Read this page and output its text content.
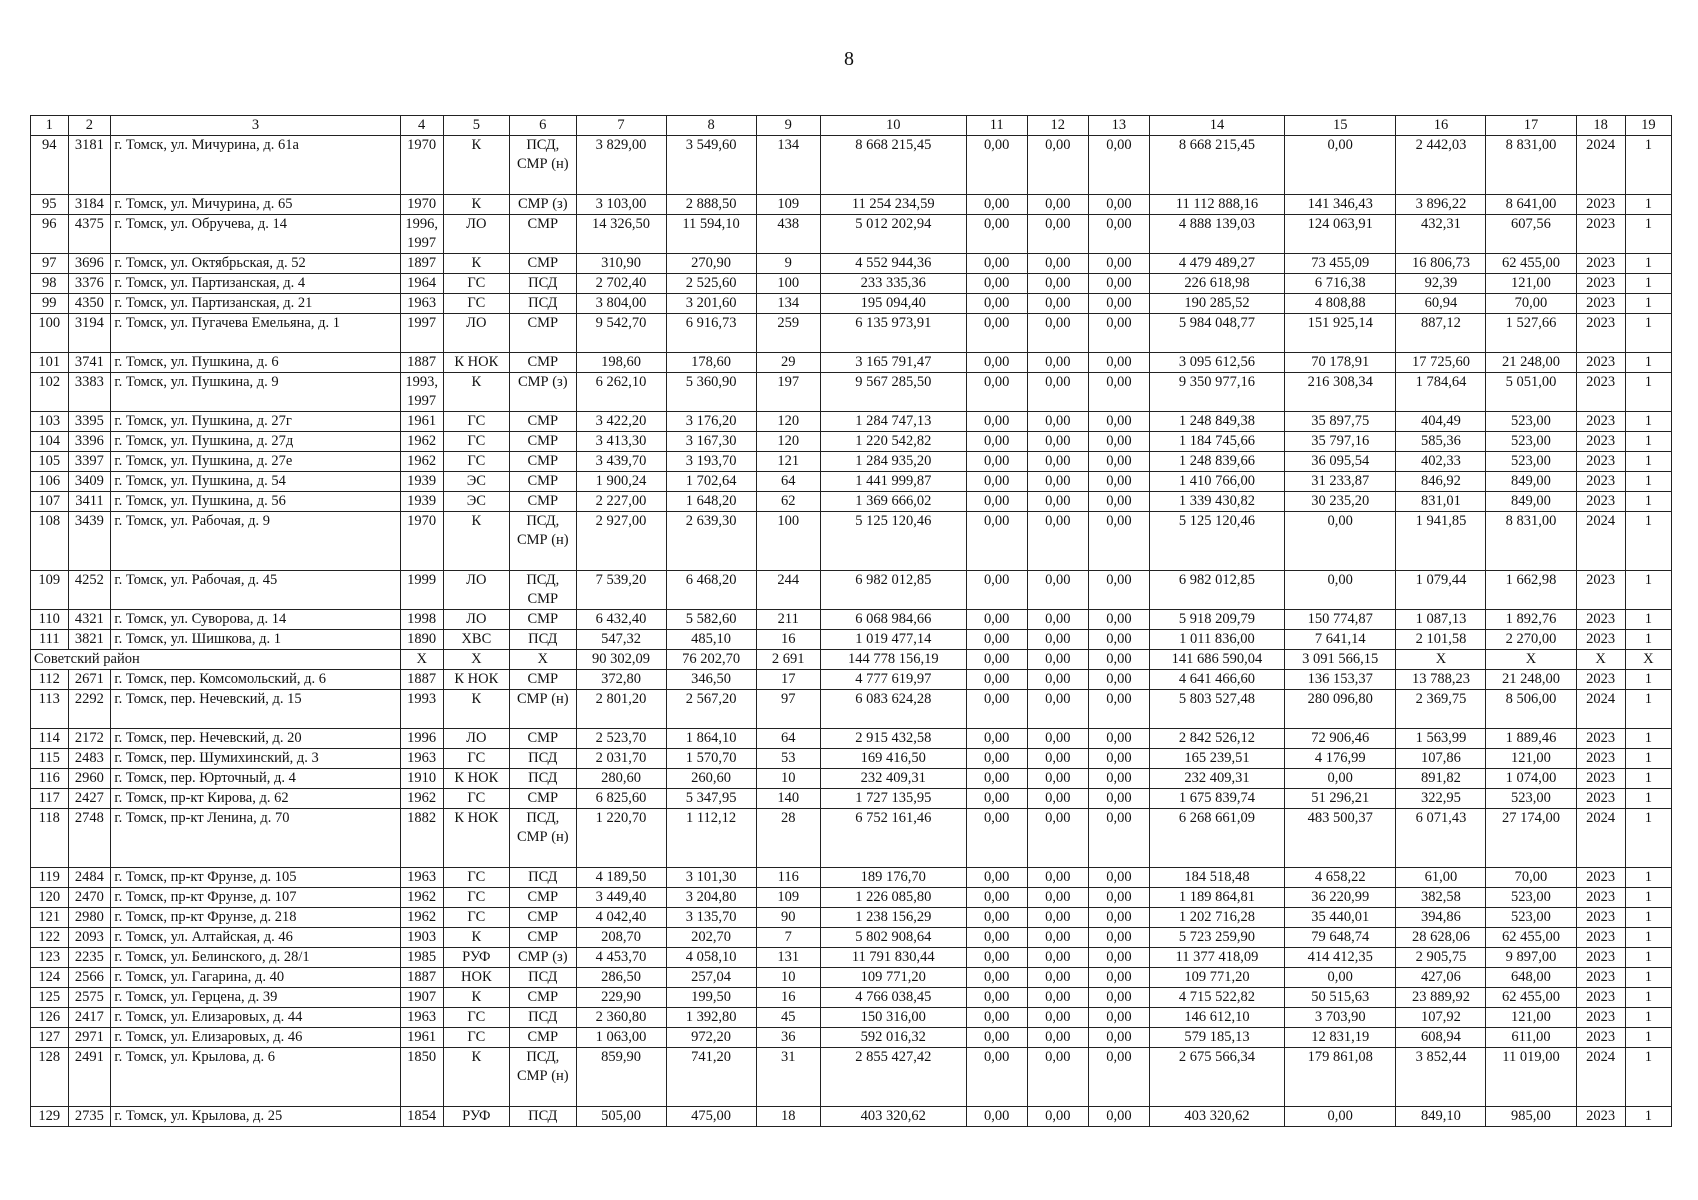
8
1	2	3	4	5	6	7	8	9	10	11	12	13	14	15	16	17	18	19
94	3181	г. Томск, ул. Мичурина, д. 61а	1970	К	ПСД, СМР (н)	3 829,00	3 549,60	134	8 668 215,45	0,00	0,00	0,00	8 668 215,45	0,00	2 442,03	8 831,00	2024	1
95	3184	г. Томск, ул. Мичурина, д. 65	1970	К	СМР (з)	3 103,00	2 888,50	109	11 254 234,59	0,00	0,00	0,00	11 112 888,16	141 346,43	3 896,22	8 641,00	2023	1
96	4375	г. Томск, ул. Обручева, д. 14	1996, 1997	ЛО	СМР	14 326,50	11 594,10	438	5 012 202,94	0,00	0,00	0,00	4 888 139,03	124 063,91	432,31	607,56	2023	1
97	3696	г. Томск, ул. Октябрьская, д. 52	1897	К	СМР	310,90	270,90	9	4 552 944,36	0,00	0,00	0,00	4 479 489,27	73 455,09	16 806,73	62 455,00	2023	1
98	3376	г. Томск, ул. Партизанская, д. 4	1964	ГС	ПСД	2 702,40	2 525,60	100	233 335,36	0,00	0,00	0,00	226 618,98	6 716,38	92,39	121,00	2023	1
99	4350	г. Томск, ул. Партизанская, д. 21	1963	ГС	ПСД	3 804,00	3 201,60	134	195 094,40	0,00	0,00	0,00	190 285,52	4 808,88	60,94	70,00	2023	1
100	3194	г. Томск, ул. Пугачева Емельяна, д. 1	1997	ЛО	СМР	9 542,70	6 916,73	259	6 135 973,91	0,00	0,00	0,00	5 984 048,77	151 925,14	887,12	1 527,66	2023	1
101	3741	г. Томск, ул. Пушкина, д. 6	1887	К НОК	СМР	198,60	178,60	29	3 165 791,47	0,00	0,00	0,00	3 095 612,56	70 178,91	17 725,60	21 248,00	2023	1
102	3383	г. Томск, ул. Пушкина, д. 9	1993, 1997	К	СМР (з)	6 262,10	5 360,90	197	9 567 285,50	0,00	0,00	0,00	9 350 977,16	216 308,34	1 784,64	5 051,00	2023	1
103	3395	г. Томск, ул. Пушкина, д. 27г	1961	ГС	СМР	3 422,20	3 176,20	120	1 284 747,13	0,00	0,00	0,00	1 248 849,38	35 897,75	404,49	523,00	2023	1
104	3396	г. Томск, ул. Пушкина, д. 27д	1962	ГС	СМР	3 413,30	3 167,30	120	1 220 542,82	0,00	0,00	0,00	1 184 745,66	35 797,16	585,36	523,00	2023	1
105	3397	г. Томск, ул. Пушкина, д. 27е	1962	ГС	СМР	3 439,70	3 193,70	121	1 284 935,20	0,00	0,00	0,00	1 248 839,66	36 095,54	402,33	523,00	2023	1
106	3409	г. Томск, ул. Пушкина, д. 54	1939	ЭС	СМР	1 900,24	1 702,64	64	1 441 999,87	0,00	0,00	0,00	1 410 766,00	31 233,87	846,92	849,00	2023	1
107	3411	г. Томск, ул. Пушкина, д. 56	1939	ЭС	СМР	2 227,00	1 648,20	62	1 369 666,02	0,00	0,00	0,00	1 339 430,82	30 235,20	831,01	849,00	2023	1
108	3439	г. Томск, ул. Рабочая, д. 9	1970	К	ПСД, СМР (н)	2 927,00	2 639,30	100	5 125 120,46	0,00	0,00	0,00	5 125 120,46	0,00	1 941,85	8 831,00	2024	1
109	4252	г. Томск, ул. Рабочая, д. 45	1999	ЛО	ПСД, СМР	7 539,20	6 468,20	244	6 982 012,85	0,00	0,00	0,00	6 982 012,85	0,00	1 079,44	1 662,98	2023	1
110	4321	г. Томск, ул. Суворова, д. 14	1998	ЛО	СМР	6 432,40	5 582,60	211	6 068 984,66	0,00	0,00	0,00	5 918 209,79	150 774,87	1 087,13	1 892,76	2023	1
111	3821	г. Томск, ул. Шишкова, д. 1	1890	ХВС	ПСД	547,32	485,10	16	1 019 477,14	0,00	0,00	0,00	1 011 836,00	7 641,14	2 101,58	2 270,00	2023	1
Советский район			X	X	X	90 302,09	76 202,70	2 691	144 778 156,19	0,00	0,00	0,00	141 686 590,04	3 091 566,15	X	X	X	X
112	2671	г. Томск, пер. Комсомольский, д. 6	1887	К НОК	СМР	372,80	346,50	17	4 777 619,97	0,00	0,00	0,00	4 641 466,60	136 153,37	13 788,23	21 248,00	2023	1
113	2292	г. Томск, пер. Нечевский, д. 15	1993	К	СМР (н)	2 801,20	2 567,20	97	6 083 624,28	0,00	0,00	0,00	5 803 527,48	280 096,80	2 369,75	8 506,00	2024	1
114	2172	г. Томск, пер. Нечевский, д. 20	1996	ЛО	СМР	2 523,70	1 864,10	64	2 915 432,58	0,00	0,00	0,00	2 842 526,12	72 906,46	1 563,99	1 889,46	2023	1
115	2483	г. Томск, пер. Шумихинский, д. 3	1963	ГС	ПСД	2 031,70	1 570,70	53	169 416,50	0,00	0,00	0,00	165 239,51	4 176,99	107,86	121,00	2023	1
116	2960	г. Томск, пер. Юрточный, д. 4	1910	К НОК	ПСД	280,60	260,60	10	232 409,31	0,00	0,00	0,00	232 409,31	0,00	891,82	1 074,00	2023	1
117	2427	г. Томск, пр-кт Кирова, д. 62	1962	ГС	СМР	6 825,60	5 347,95	140	1 727 135,95	0,00	0,00	0,00	1 675 839,74	51 296,21	322,95	523,00	2023	1
118	2748	г. Томск, пр-кт Ленина, д. 70	1882	К НОК	ПСД, СМР (н)	1 220,70	1 112,12	28	6 752 161,46	0,00	0,00	0,00	6 268 661,09	483 500,37	6 071,43	27 174,00	2024	1
119	2484	г. Томск, пр-кт Фрунзе, д. 105	1963	ГС	ПСД	4 189,50	3 101,30	116	189 176,70	0,00	0,00	0,00	184 518,48	4 658,22	61,00	70,00	2023	1
120	2470	г. Томск, пр-кт Фрунзе, д. 107	1962	ГС	СМР	3 449,40	3 204,80	109	1 226 085,80	0,00	0,00	0,00	1 189 864,81	36 220,99	382,58	523,00	2023	1
121	2980	г. Томск, пр-кт Фрунзе, д. 218	1962	ГС	СМР	4 042,40	3 135,70	90	1 238 156,29	0,00	0,00	0,00	1 202 716,28	35 440,01	394,86	523,00	2023	1
122	2093	г. Томск, ул. Алтайская, д. 46	1903	К	СМР	208,70	202,70	7	5 802 908,64	0,00	0,00	0,00	5 723 259,90	79 648,74	28 628,06	62 455,00	2023	1
123	2235	г. Томск, ул. Белинского, д. 28/1	1985	РУФ	СМР (з)	4 453,70	4 058,10	131	11 791 830,44	0,00	0,00	0,00	11 377 418,09	414 412,35	2 905,75	9 897,00	2023	1
124	2566	г. Томск, ул. Гагарина, д. 40	1887	НОК	ПСД	286,50	257,04	10	109 771,20	0,00	0,00	0,00	109 771,20	0,00	427,06	648,00	2023	1
125	2575	г. Томск, ул. Герцена, д. 39	1907	К	СМР	229,90	199,50	16	4 766 038,45	0,00	0,00	0,00	4 715 522,82	50 515,63	23 889,92	62 455,00	2023	1
126	2417	г. Томск, ул. Елизаровых, д. 44	1963	ГС	ПСД	2 360,80	1 392,80	45	150 316,00	0,00	0,00	0,00	146 612,10	3 703,90	107,92	121,00	2023	1
127	2971	г. Томск, ул. Елизаровых, д. 46	1961	ГС	СМР	1 063,00	972,20	36	592 016,32	0,00	0,00	0,00	579 185,13	12 831,19	608,94	611,00	2023	1
128	2491	г. Томск, ул. Крылова, д. 6	1850	К	ПСД, СМР (н)	859,90	741,20	31	2 855 427,42	0,00	0,00	0,00	2 675 566,34	179 861,08	3 852,44	11 019,00	2024	1
129	2735	г. Томск, ул. Крылова, д. 25	1854	РУФ	ПСД	505,00	475,00	18	403 320,62	0,00	0,00	0,00	403 320,62	0,00	849,10	985,00	2023	1
